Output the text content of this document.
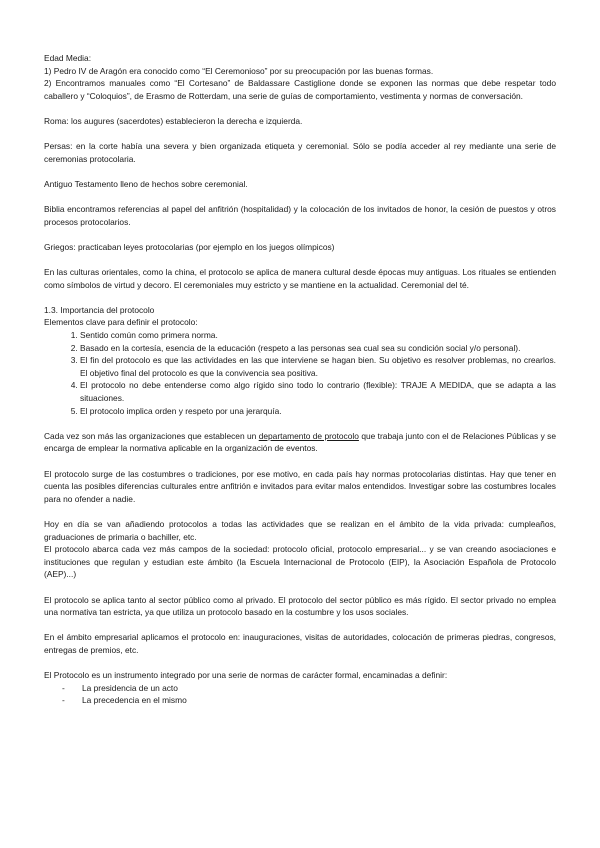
Edad Media:

1) Pedro IV de Aragón era conocido como “El Ceremonioso” por su preocupación por las buenas formas.

2) Encontramos manuales como “El Cortesano” de Baldassare Castiglione donde se exponen las normas que debe respetar todo caballero y “Coloquios”, de Erasmo de Rotterdam, una serie de guías de comportamiento, vestimenta y normas de conversación.

Roma: los augures (sacerdotes) establecieron la derecha e izquierda.

Persas: en la corte había una severa y bien organizada etiqueta y ceremonial. Sólo se podía acceder al rey mediante una serie de ceremonias protocolaria.

Antiguo Testamento lleno de hechos sobre ceremonial.

Biblia encontramos referencias al papel del anfitrión (hospitalidad) y la colocación de los invitados de honor, la cesión de puestos y otros procesos protocolarios.

Griegos: practicaban leyes protocolarias (por ejemplo en los juegos olímpicos)

En las culturas orientales, como la china, el protocolo se aplica de manera cultural desde épocas muy antiguas. Los rituales se entienden como símbolos de virtud y decoro. El ceremoniales muy estricto y se mantiene en la actualidad. Ceremonial del té.

1.3. Importancia del protocolo

Elementos clave para definir el protocolo:

1. Sentido común como primera norma.
2. Basado en la cortesía, esencia de la educación (respeto a las personas sea cual sea su condición social y/o personal).
3. El fin del protocolo es que las actividades en las que interviene se hagan bien. Su objetivo es resolver problemas, no crearlos. El objetivo final del protocolo es que la convivencia sea positiva.
4. El protocolo no debe entenderse como algo rígido sino todo lo contrario (flexible): TRAJE A MEDIDA, que se adapta a las situaciones.
5. El protocolo implica orden y respeto por una jerarquía.

Cada vez son más las organizaciones que establecen un departamento de protocolo que trabaja junto con el de Relaciones Públicas y se encarga de emplear la normativa aplicable en la organización de eventos.

El protocolo surge de las costumbres o tradiciones, por ese motivo, en cada país hay normas protocolarias distintas. Hay que tener en cuenta las posibles diferencias culturales entre anfitrión e invitados para evitar malos entendidos. Investigar sobre las costumbres locales para no ofender a nadie.

Hoy en día se van añadiendo protocolos a todas las actividades que se realizan en el ámbito de la vida privada: cumpleaños, graduaciones de primaria o bachiller, etc.

El protocolo abarca cada vez más campos de la sociedad: protocolo oficial, protocolo empresarial... y se van creando asociaciones e instituciones que regulan y estudian este ámbito (la Escuela Internacional de Protocolo (EIP), la Asociación Española de Protocolo (AEP)...)

El protocolo se aplica tanto al sector público como al privado. El protocolo del sector público es más rígido. El sector privado no emplea una normativa tan estricta, ya que utiliza un protocolo basado en la costumbre y los usos sociales.

En el ámbito empresarial aplicamos el protocolo en: inauguraciones, visitas de autoridades, colocación de primeras piedras, congresos, entregas de premios, etc.

El Protocolo es un instrumento integrado por una serie de normas de carácter formal, encaminadas a definir:

- La presidencia de un acto
- La precedencia en el mismo
